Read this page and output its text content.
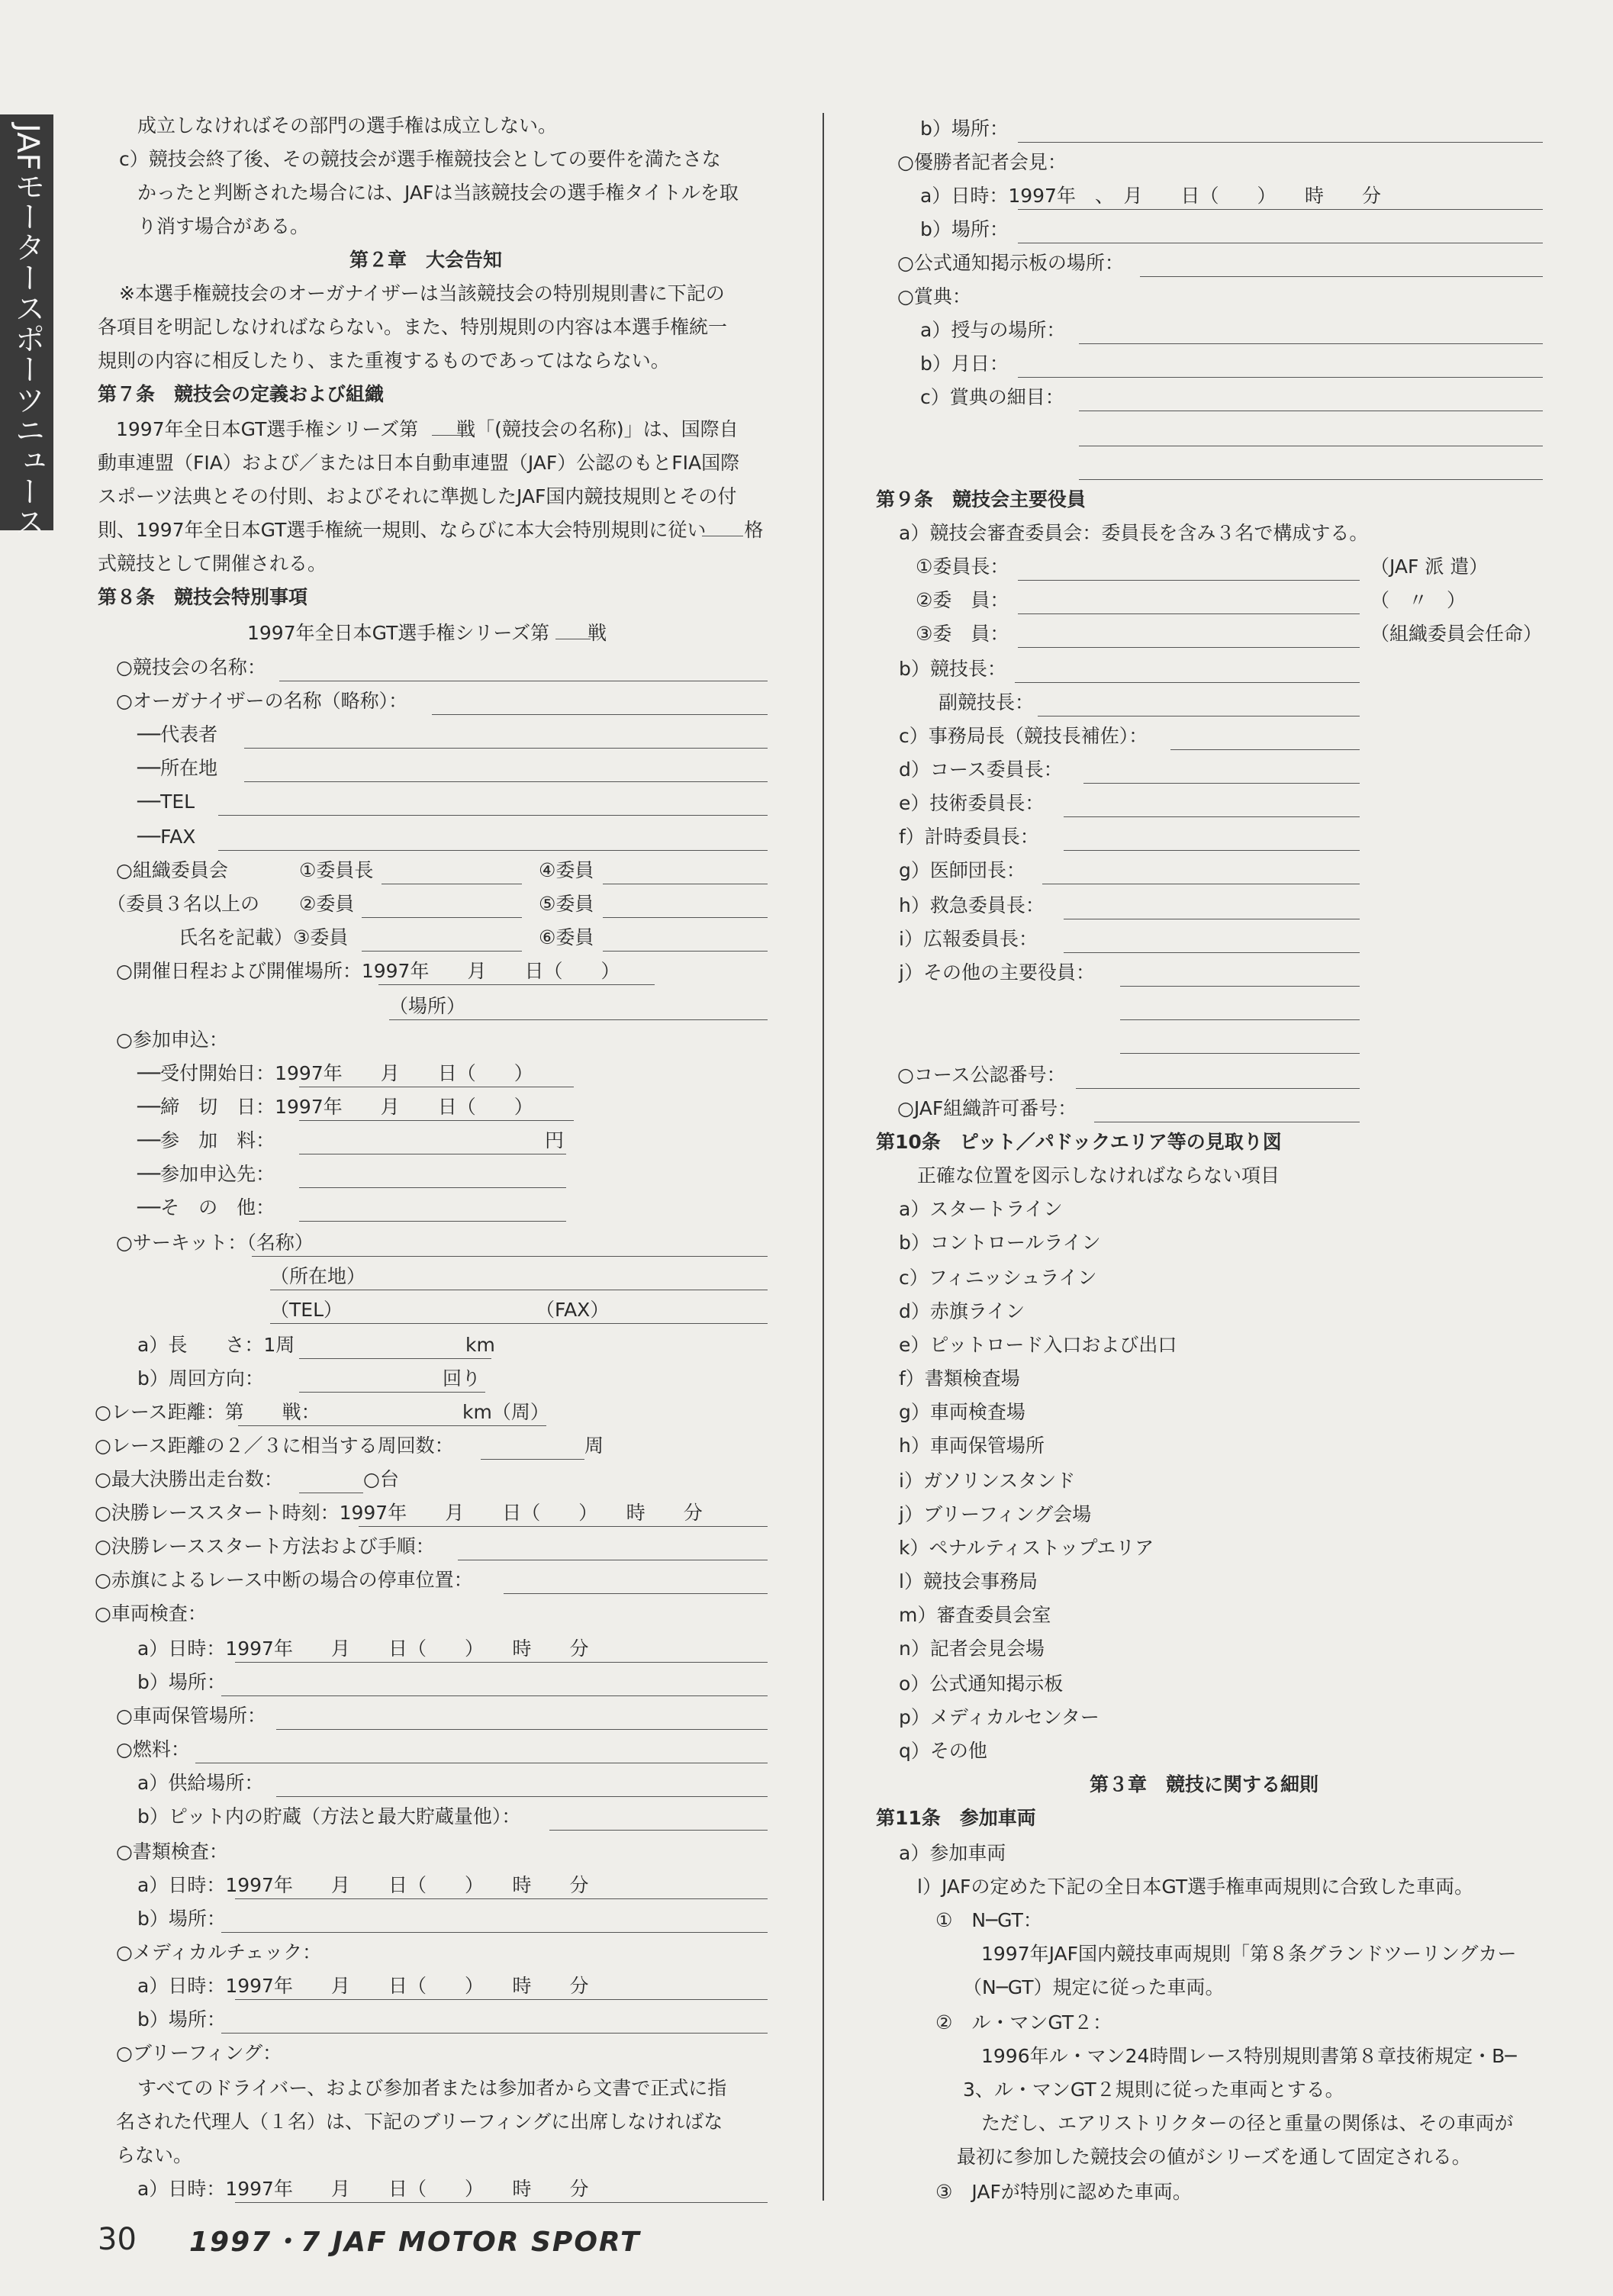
JAFモータースポーツニュース	成立しなければその部門の選手権は成立しない。
c）競技会終了後、その競技会が選手権競技会としての要件を満たさな
かったと判断された場合には、JAFは当該競技会の選手権タイトルを取
り消す場合がある。
第２章　大会告知
※本選手権競技会のオーガナイザーは当該競技会の特別規則書に下記の
各項目を明記しなければならない。また、特別規則の内容は本選手権統一
規則の内容に相反したり、また重複するものであってはならない。
第７条　競技会の定義および組織
1997年全日本GT選手権シリーズ第　　戦「(競技会の名称)」は、国際自
動車連盟（FIA）および／または日本自動車連盟（JAF）公認のもとFIA国際
スポーツ法典とその付則、およびそれに準拠したJAF国内競技規則とその付
則、1997年全日本GT選手権統一規則、ならびに本大会特別規則に従い　　格
式競技として開催される。
第８条　競技会特別事項
1997年全日本GT選手権シリーズ第　　戦
○競技会の名称：
○オーガナイザーの名称（略称）：
──代表者
──所在地
──TEL
──FAX
○組織委員会	①委員長	④委員
（委員３名以上の ②委員	⑤委員
氏名を記載）③委員	⑥委員
○開催日程および開催場所：1997年　　月　　日（　　）
（場所）
○参加申込：
──受付開始日：1997年　　月　　日（　　）
──締　切　日：1997年　　月　　日（　　）
──参　加　料：	円
──参加申込先：
──そ　の　他：
○サーキット：（名称）
（所在地）
（TEL）	（FAX）
a）長　　さ：1周	km
b）周回方向：	回り
○レース距離：第　　戦：	km（周）
○レース距離の２／３に相当する周回数：	周
○最大決勝出走台数：	○台
○決勝レーススタート時刻：1997年　　月　　日（　　）　　時　　分
○決勝レーススタート方法および手順：
○赤旗によるレース中断の場合の停車位置：
○車両検査：
a）日時：1997年　　月　　日（　　）　　時　　分
b）場所：
○車両保管場所：
○燃料：
a）供給場所：
b）ピット内の貯蔵（方法と最大貯蔵量他）：
○書類検査：
a）日時：1997年　　月　　日（　　）　　時　　分
b）場所：
○メディカルチェック：
a）日時：1997年　　月　　日（　　）　　時　　分
b）場所：
○ブリーフィング：
すべてのドライバー、および参加者または参加者から文書で正式に指
名された代理人（１名）は、下記のブリーフィングに出席しなければな
らない。
a）日時：1997年　　月　　日（　　）　　時　　分
b）場所：
○優勝者記者会見：
a）日時：1997年　、　月　　日（　　）　　時　　分
b）場所：
○公式通知掲示板の場所：
○賞典：
a）授与の場所：
b）月日：
c）賞典の細目：
第９条　競技会主要役員
a）競技会審査委員会：委員長を含み３名で構成する。
①委員長：	（JAF 派 遣）
②委　員：	（　〃　）
③委　員：	（組織委員会任命）
b）競技長：
副競技長：
c）事務局長（競技長補佐）：
d）コース委員長：
e）技術委員長：
f）計時委員長：
g）医師団長：
h）救急委員長：
i）広報委員長：
j）その他の主要役員：
○コース公認番号：
○JAF組織許可番号：
第10条　ピット／パドックエリア等の見取り図
正確な位置を図示しなければならない項目
a）スタートライン
b）コントロールライン
c）フィニッシュライン
d）赤旗ライン
e）ピットロード入口および出口
f）書類検査場
g）車両検査場
h）車両保管場所
i）ガソリンスタンド
j）ブリーフィング会場
k）ペナルティストップエリア
l）競技会事務局
m）審査委員会室
n）記者会見会場
o）公式通知掲示板
p）メディカルセンター
q）その他
第３章　競技に関する細則
第11条　参加車両
a）参加車両
l）JAFの定めた下記の全日本GT選手権車両規則に合致した車両。
①　N─GT：
1997年JAF国内競技車両規則「第８条グランドツーリングカー
（N─GT）規定に従った車両。
②　ル・マンGT２：
1996年ル・マン24時間レース特別規則書第８章技術規定・B─
3、ル・マンGT２規則に従った車両とする。
ただし、エアリストリクターの径と重量の関係は、その車両が
最初に参加した競技会の値がシリーズを通して固定される。
③　JAFが特別に認めた車両。
30 1997・7 JAF MOTOR SPORT
